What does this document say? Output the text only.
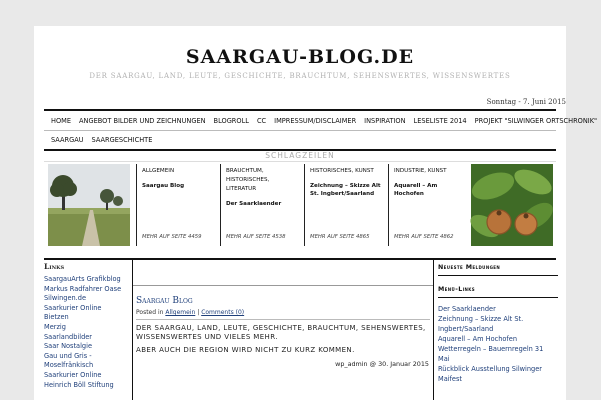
SAARGAU-BLOG.DE
DER SAARGAU, LAND, LEUTE, GESCHICHTE, BRAUCHTUM, SEHENSWERTES, WISSENSWERTES
Sonntag - 7. Juni 2015
HOME	ANGEBOT BILDER UND ZEICHNUNGEN	BLOGROLL	CC	IMPRESSUM/DISCLAIMER	INSPIRATION	LESELISTE 2014	PROJEKT "SILWINGER ORTSCHRONIK"
SAARGAU	SAARGESCHICHTE
SCHLAGZEILEN
ALLGEMEIN
Saargau Blog
MEHR AUF SEITE 4459
BRAUCHTUM, HISTORISCHES, LITERATUR
Der Saarklaender
MEHR AUF SEITE 4538
HISTORISCHES, KUNST
Zeichnung – Skizze Alt St. Ingbert/Saarland
MEHR AUF SEITE 4865
INDUSTRIE, KUNST
Aquarell – Am Hochofen
MEHR AUF SEITE 4862
Links
SaargauArts Grafikblog
Markus Radfahrer Oase
Silwingen.de
Saarkurier Online
Bietzen
Merzig
Saarlandbilder
Saar Nostalgie
Gau und Gris -
Moselfränkisch
Saarkurier Online
Heinrich Böll Stiftung
Saargau Blog
Posted in Allgemein | Comments (0)

DER SAARGAU, LAND, LEUTE, GESCHICHTE, BRAUCHTUM, SEHENSWERTES, WISSENSWERTES UND VIELES MEHR.

ABER AUCH DIE REGION WIRD NICHT ZU KURZ KOMMEN.

wp_admin @ 30. Januar 2015
Neueste Meldungen
Menü-Links
Der Saarklaender
Zeichnung – Skizze Alt St.
Ingbert/Saarland
Aquarell – Am Hochofen
Wetterregeln – Bauernregeln 31
Mai
Rückblick Ausstellung Silwinger
Maifest
